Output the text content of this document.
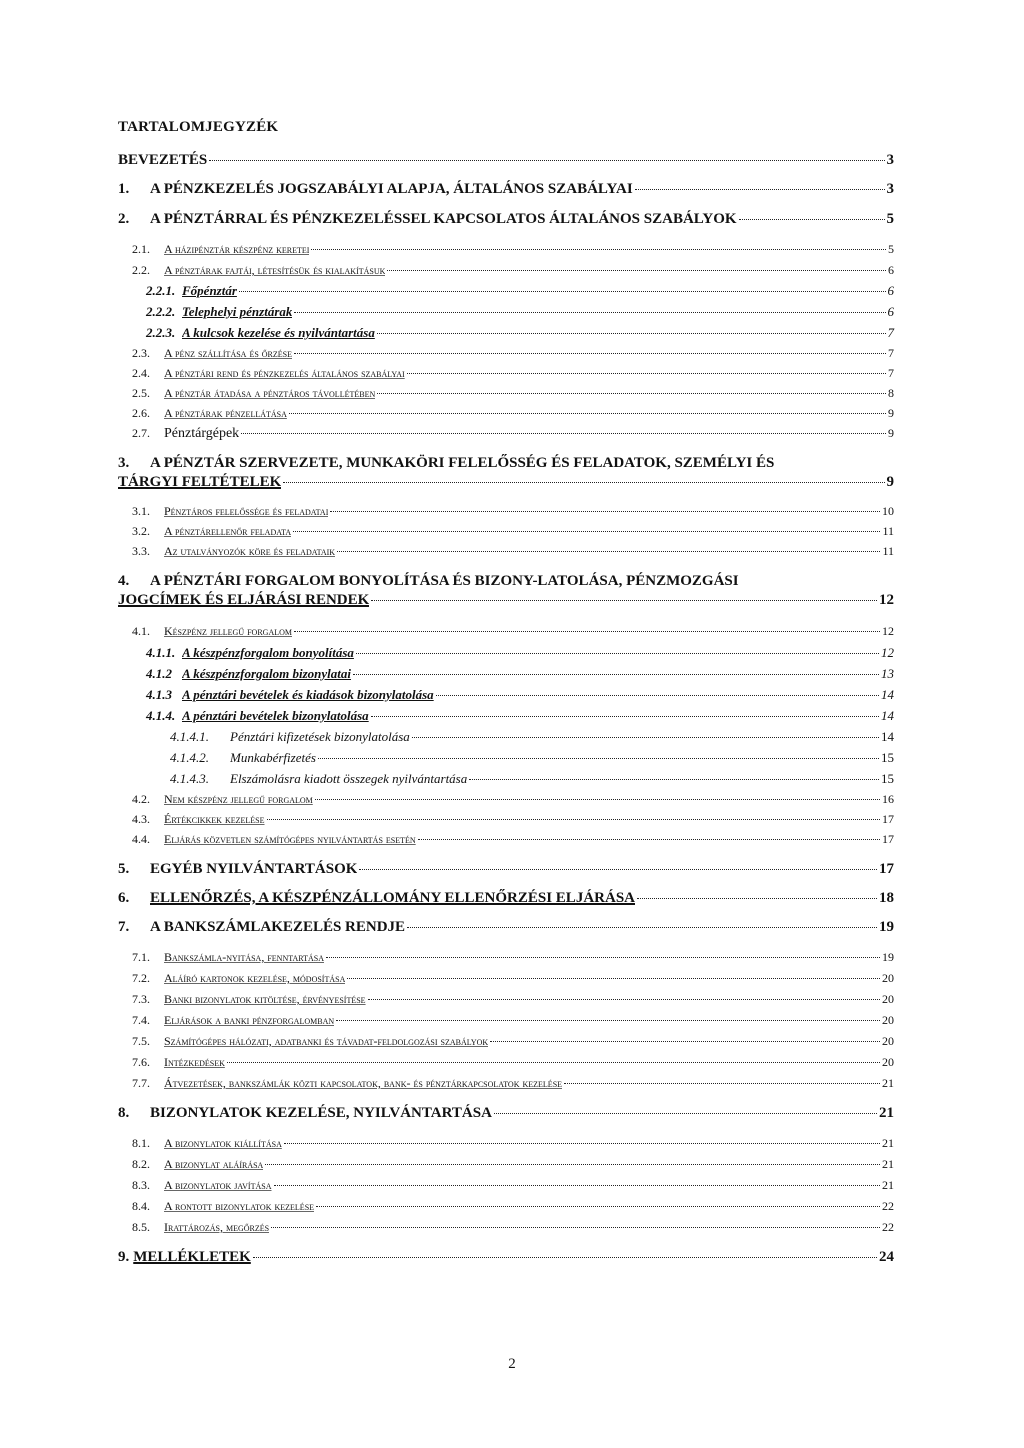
TARTALOMJEGYZÉK
BEVEZETÉS	3
1.	A PÉNZKEZELÉS JOGSZABÁLYI ALAPJA, ÁLTALÁNOS SZABÁLYAI	3
2.	A PÉNZTÁRRAL ÉS PÉNZKEZELÉSSEL KAPCSOLATOS ÁLTALÁNOS SZABÁLYOK	5
2.1.	A házipénztár készpénz keretei	5
2.2.	A pénztárak fajtái, létesítésük és kialakításuk	6
2.2.1. Főpénztár	6
2.2.2. Telephelyi pénztárak	6
2.2.3. A kulcsok kezelése és nyilvántartása	7
2.3.	A pénz szállítása és őrzése	7
2.4.	A pénztári rend és pénzkezelés általános szabályai	7
2.5.	A pénztár átadása a pénztáros távollétében	8
2.6.	A pénztárak pénzellátása	9
2.7.	Pénztárgépek	9
3.	A PÉNZTÁR SZERVEZETE, MUNKAKÖRI FELELŐSSÉG ÉS FELADATOK, SZEMÉLYI ÉS
TÁRGYI FELTÉTELEK	9
3.1.	Pénztáros felelőssége és feladatai	10
3.2.	A pénztárellenőr feladata	11
3.3.	Az utalványozók köre és feladataik	11
4.	A PÉNZTÁRI FORGALOM BONYOLÍTÁSA ÉS BIZONY-LATOLÁSA, PÉNZMOZGÁSI
JOGCÍMEK ÉS ELJÁRÁSI RENDEK	12
4.1.	Készpénz jellegű forgalom	12
4.1.1. A készpénzforgalom bonyolítása	12
4.1.2 A készpénzforgalom bizonylatai	13
4.1.3 A pénztári bevételek és kiadások bizonylatolása	14
4.1.4. A pénztári bevételek bizonylatolása	14
4.1.4.1.	Pénztári kifizetések bizonylatolása	14
4.1.4.2.	Munkabérfizetés	15
4.1.4.3.	Elszámolásra kiadott összegek nyilvántartása	15
4.2.	Nem készpénz jellegű forgalom	16
4.3.	Értékcikkek kezelése	17
4.4.	Eljárás közvetlen számítógépes nyilvántartás esetén	17
5.	EGYÉB NYILVÁNTARTÁSOK	17
6.	ELLENŐRZÉS, A KÉSZPÉNZÁLLOMÁNY ELLENŐRZÉSI ELJÁRÁSA	18
7.	A BANKSZÁMLAKEZELÉS RENDJE	19
7.1.	Bankszámla-nyitása, fenntartása	19
7.2.	Aláíró kartonok kezelése, módosítása	20
7.3.	Banki bizonylatok kitöltése, érvényesítése	20
7.4.	Eljárások a banki pénzforgalomban	20
7.5.	Számítógépes hálózati, adatbanki és távadat-feldolgozási szabályok	20
7.6.	Intézkedések	20
7.7.	Átvezetések, bankszámlák közti kapcsolatok, bank- és pénztárkapcsolatok kezelése	21
8.	BIZONYLATOK KEZELÉSE, NYILVÁNTARTÁSA	21
8.1.	A bizonylatok kiállítása	21
8.2.	A bizonylat aláírása	21
8.3.	A bizonylatok javítása	21
8.4.	A rontott bizonylatok kezelése	22
8.5.	Irattározás, megőrzés	22
9. MELLÉKLETEK	24
2
